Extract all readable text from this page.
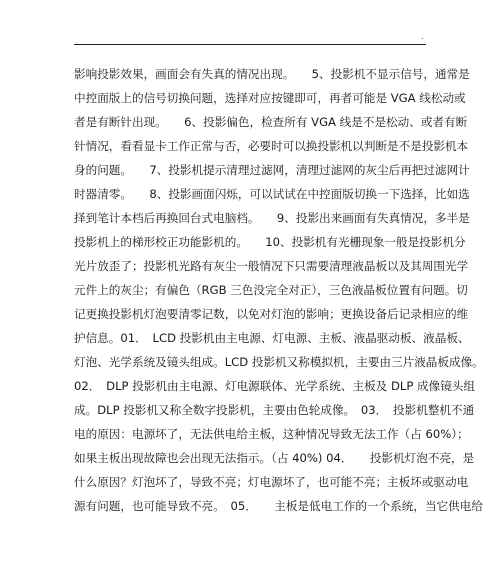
.
影响投影效果，画面会有失真的情况出现。　　5、投影机不显示信号，通常是
中控面版上的信号切换问题，选择对应按键即可，再者可能是 VGA 线松动或
者是有断针出现。　　6、投影偏色，检查所有 VGA 线是不是松动、或者有断
针情况，看看显卡工作正常与否，必要时可以换投影机以判断是不是投影机本
身的问题。　　7、投影机提示清理过滤网，清理过滤网的灰尘后再把过滤网计
时器清零。　　8、投影画面闪烁，可以试试在中控面版切换一下选择，比如选
择到笔计本档后再换回台式电脑档。　　9、投影出来画面有失真情况，多半是
投影机上的梯形校正功能影机的。　　10、投影机有光栅现象一般是投影机分
光片放歪了；投影机光路有灰尘一般情况下只需要清理液晶板以及其周围光学
元件上的灰尘；有偏色（RGB 三色没完全对正），三色液晶板位置有问题。切
记更换投影机灯泡要清零记数，以免对灯泡的影响；更换设备后记录相应的维
护信息。01．　LCD 投影机由主电源、灯电源、主板、液晶驱动板、液晶板、
灯泡、光学系统及镜头组成。LCD 投影机又称模拟机，主要由三片液晶板成像。
02．　DLP 投影机由主电源、灯电源联体、光学系统、主板及 DLP 成像镜头组
成。DLP 投影机又称全数字投影机，主要由色轮成像。　03．　投影机整机不通
电的原因：电源坏了，无法供电给主板，这种情况导致无法工作（占 60%）；
如果主板出现故障也会出现无法指示。（占 40%) 04．　　投影机灯泡不亮，是
什么原因？灯泡坏了，导致不亮；灯电源坏了，也可能不亮；主板坏或驱动电
源有问题，也可能导致不亮。　05．　　主板是低电工作的一个系统，当它供电给
